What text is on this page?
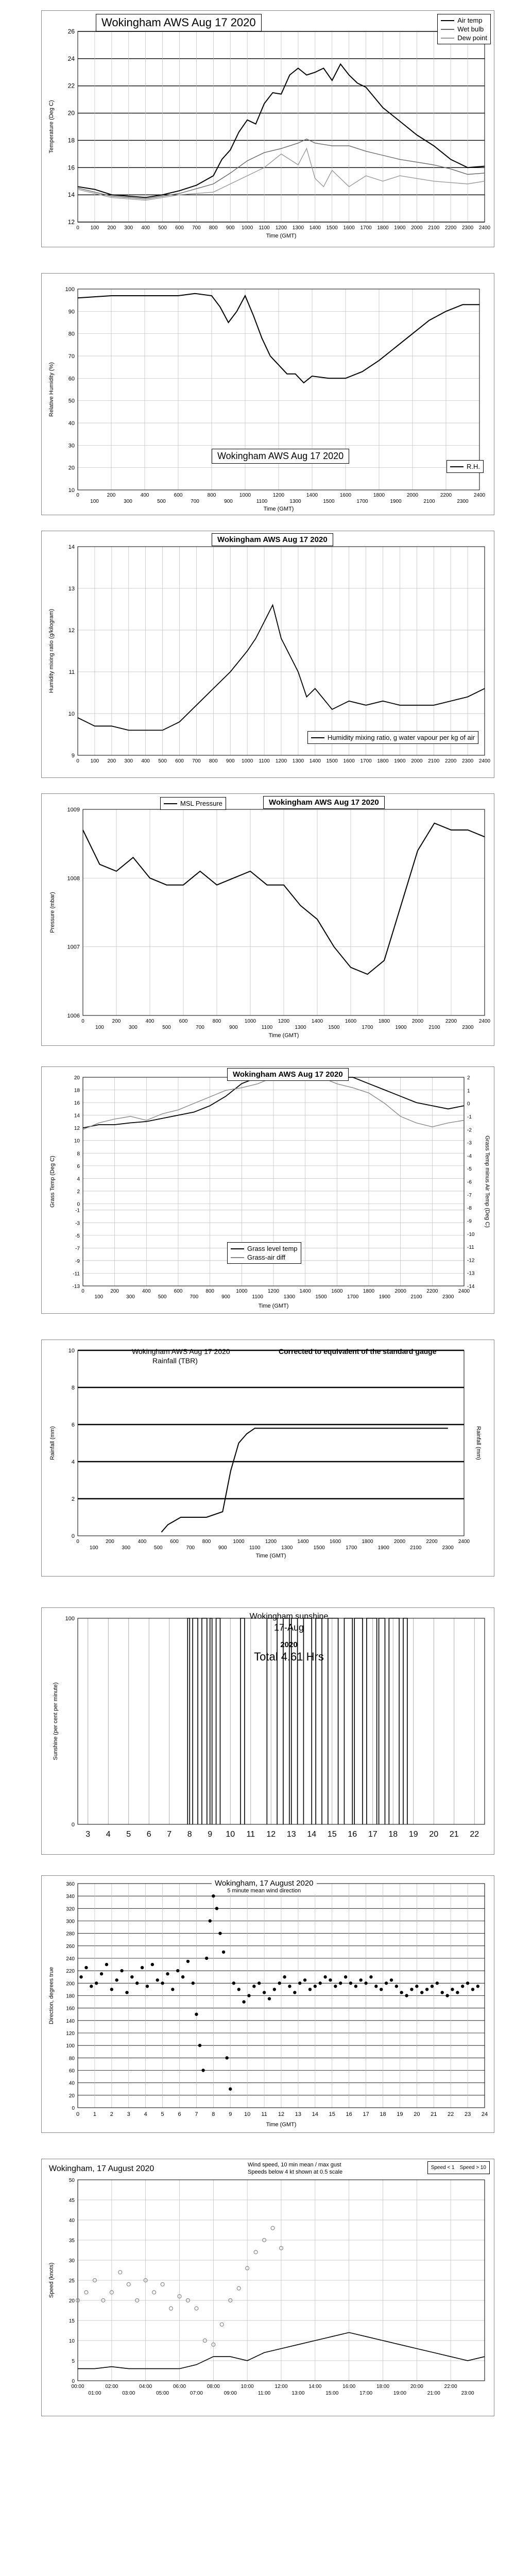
12
14
16
18
20
22
24
26
0 100 200 300 400 500 600 700 800 900 1000 1100 1200 1300 1400 1500 1600 1700 1800 1900 2000 2100 2200 2300 2400
Temperature (Deg C)
Time (GMT)
Wokingham AWS Aug 17 2020	Air temp
Wet bulb
Dew point
10
20
30
40
50
60
70
80
90
100
0	200	400	600	800	1000	1200	1400	1600	1800	2000	2200	2400
100	300	500	700	900	1100	1300	1500	1700	1900	2100	2300
Relative Humidity (%)
Time (GMT)
Wokingham AWS Aug 17 2020
R.H.
9
10
11
12
13
14
0 100 200 300 400 500 600 700 800 900 1000 1100 1200 1300 1400 1500 1600 1700 1800 1900 2000 2100 2200 2300 2400
Humidity mixing ratio (g/kilogram)
Wokingham AWS Aug 17 2020
Humidity mixing ratio, g water vapour per kg of air
1006
1007
1008
1009
0	200	400	600	800	1000	1200	1400	1600	1800	2000	2200	2400
100	300	500	700	900	1100	1300	1500	1700	1900	2100	2300
Pressure (mbar)
Time (GMT)
MSL Pressure	Wokingham AWS Aug 17 2020
20
18
16
14
12
10
8
6
4
2
0
-1
-3
-5
-7
-9
-11
-13
2
1
0
-1
-2
-3
-4
-5
-6
-7
-8
-9
-10
-11
-12
-13
-14
0	200	400	600	800	1000	1200	1400	1600	1800	2000	2200	2400
100	300	500	700	900	1100	1300	1500	1700	1900	2100	2300
Grass Temp (Deg C)	Grass Temp minus Air Temp (Deg C)
Time (GMT)
Wokingham AWS Aug 17 2020
Grass level temp
Grass-air diff
0
2
4
6
8
10
0	200	400	600	800	1000	1200	1400	1600	1800	2000	2200	2400
100	300	500	700	900	1100	1300	1500	1700	1900	2100	2300
Rainfall (mm)	Rainfall (mm)
Time (GMT)
Wokingham AWS Aug 17 2020
Rainfall (TBR)
Corrected to equivalent of the standard gauge
3 4 5 6 7 8 9 10 11 12 13 14 15 16 17 18 19 20 21 22
0
100
Sunshine (per cent per minute)
Wokingham sunshine
17-Aug
2020
Total 4.61 Hrs
0
20
40
60
80
100
120
140
160
180
200
220
240
260
280
300
320
340
360
0 1 2 3 4 5 6 7 8 9 10 11 12 13 14 15 16 17 18 19 20 21 22 23 24
Direction, degrees true
Time (GMT)
Wokingham, 17 August 2020
5 minute mean wind direction
0
5
10
15
20
25
30
35
40
45
50
00:00	02:00	04:00	06:00	08:00	10:00	12:00	14:00	16:00	18:00	20:00	22:00
01:00	03:00	05:00	07:00	09:00	11:00	13:00	15:00	17:00	19:00	21:00	23:00
Speed (knots)
Wokingham, 17 August 2020	Wind speed, 10 min mean / max gust
Speeds below 4 kt shown at 0.5 scale
Speed < 1 Speed > 10
